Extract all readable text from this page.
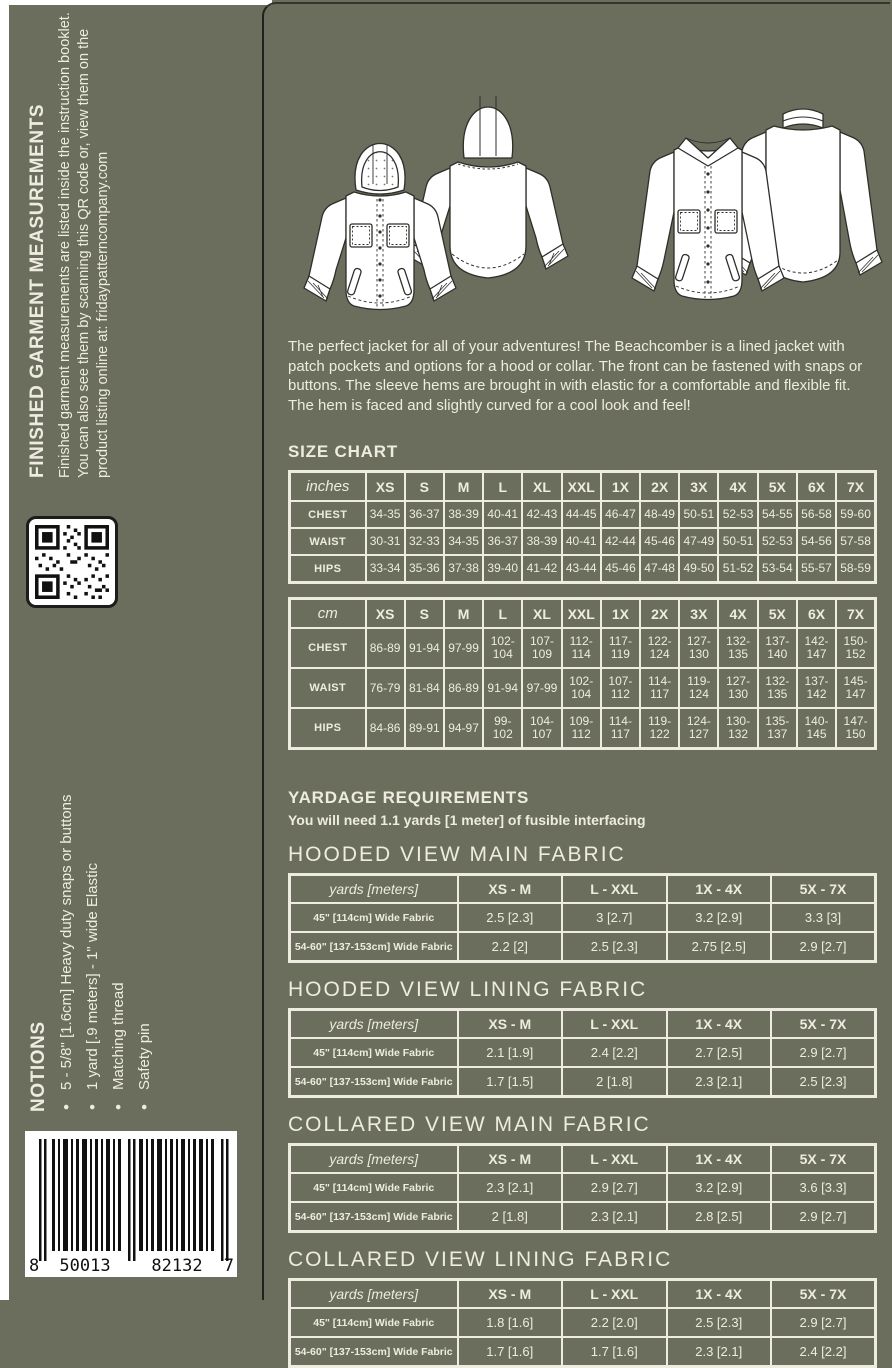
FINISHED GARMENT MEASUREMENTS Finished garment measurements are listed inside the instruction booklet. You can also see them by scanning this QR code or, view them on the product listing online at: fridaypatterncompany.com

NOTIONS • 5 - 5/8" [1.6cm] Heavy duty snaps or buttons • 1 yard [.9 meters] - 1" wide Elastic • Matching thread • Safety pin
8 50013 82132 7

The perfect jacket for all of your adventures! The Beachcomber is a lined jacket with patch pockets and options for a hood or collar. The front can be fastened with snaps or buttons. The sleeve hems are brought in with elastic for a comfortable and flexible fit. The hem is faced and slightly curved for a cool look and feel!

SIZE CHART
inches	XS	S	M	L	XL	XXL	1X	2X	3X	4X	5X	6X	7X
CHEST	34-35	36-37	38-39	40-41	42-43	44-45	46-47	48-49	50-51	52-53	54-55	56-58	59-60
WAIST	30-31	32-33	34-35	36-37	38-39	40-41	42-44	45-46	47-49	50-51	52-53	54-56	57-58
HIPS	33-34	35-36	37-38	39-40	41-42	43-44	45-46	47-48	49-50	51-52	53-54	55-57	58-59
cm	XS	S	M	L	XL	XXL	1X	2X	3X	4X	5X	6X	7X
CHEST	86-89	91-94	97-99	102-104	107-109	112-114	117-119	122-124	127-130	132-135	137-140	142-147	150-152
WAIST	76-79	81-84	86-89	91-94	97-99	102-104	107-112	114-117	119-124	127-130	132-135	137-142	145-147
HIPS	84-86	89-91	94-97	99-102	104-107	109-112	114-117	119-122	124-127	130-132	135-137	140-145	147-150
YARDAGE REQUIREMENTS
You will need 1.1 yards [1 meter] of fusible interfacing
HOODED VIEW MAIN FABRIC
yards [meters]	XS - M	L - XXL	1X - 4X	5X - 7X
45" [114cm] Wide Fabric	2.5 [2.3]	3 [2.7]	3.2 [2.9]	3.3 [3]
54-60" [137-153cm] Wide Fabric	2.2 [2]	2.5 [2.3]	2.75 [2.5]	2.9 [2.7]
HOODED VIEW LINING FABRIC
yards [meters]	XS - M	L - XXL	1X - 4X	5X - 7X
45" [114cm] Wide Fabric	2.1 [1.9]	2.4 [2.2]	2.7 [2.5]	2.9 [2.7]
54-60" [137-153cm] Wide Fabric	1.7 [1.5]	2 [1.8]	2.3 [2.1]	2.5 [2.3]
COLLARED VIEW MAIN FABRIC
yards [meters]	XS - M	L - XXL	1X - 4X	5X - 7X
45" [114cm] Wide Fabric	2.3 [2.1]	2.9 [2.7]	3.2 [2.9]	3.6 [3.3]
54-60" [137-153cm] Wide Fabric	2 [1.8]	2.3 [2.1]	2.8 [2.5]	2.9 [2.7]
COLLARED VIEW LINING FABRIC
yards [meters]	XS - M	L - XXL	1X - 4X	5X - 7X
45" [114cm] Wide Fabric	1.8 [1.6]	2.2 [2.0]	2.5 [2.3]	2.9 [2.7]
54-60" [137-153cm] Wide Fabric	1.7 [1.6]	1.7 [1.6]	2.3 [2.1]	2.4 [2.2]
